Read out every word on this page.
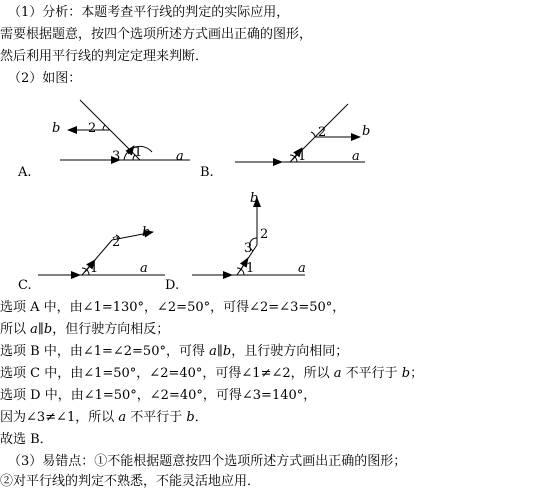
（1）分析：本题考查平行线的判定的实际应用，
需要根据题意，按四个选项所述方式画出正确的图形，
然后利用平行线的判定定理来判断．
（2）如图：
b
a
2
3 1
b
a
2
1
b
a
2
1
b
a
2
3
1
A.	B.
C.	D.
选项 A 中，由∠1=130°，∠2=50°，可得∠2=∠3=50°，
所以 a∥b，但行驶方向相反；
选项 B 中，由∠1=∠2=50°，可得 a∥b，且行驶方向相同；
选项 C 中，由∠1=50°，∠2=40°，可得∠1≠∠2，所以 a 不平行于 b；
选项 D 中，由∠1=50°，∠2=40°，可得∠3=140°，
因为∠3≠∠1，所以 a 不平行于 b．
故选 B．
（3）易错点：①不能根据题意按四个选项所述方式画出正确的图形；
②对平行线的判定不熟悉，不能灵活地应用．
